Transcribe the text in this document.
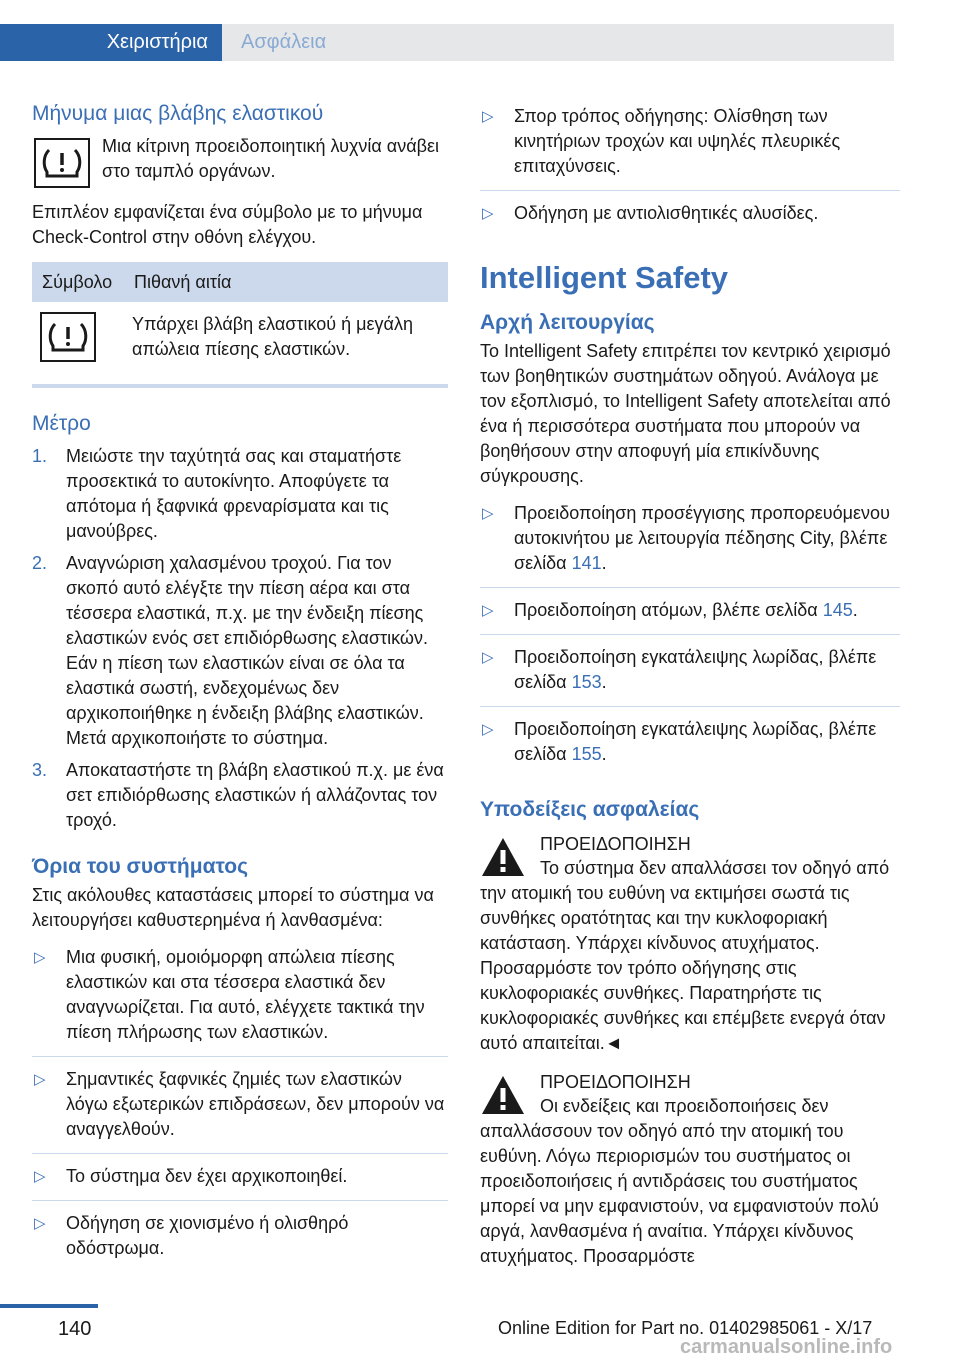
Χειριστήρια	Ασφάλεια
Μήνυμα μιας βλάβης ελαστικού

Μια κίτρινη προειδοποιητική λυχνία ανάβει στο ταμπλό οργάνων.

Επιπλέον εμφανίζεται ένα σύμβολο με το μήνυμα Check-Control στην οθόνη ελέγχου.

Σύμβολο	Πιθανή αιτία

	Υπάρχει βλάβη ελαστικού ή μεγάλη απώλεια πίεσης ελαστικών.
Μέτρο
1. Μειώστε την ταχύτητά σας και σταματήστε προσεκτικά το αυτοκίνητο. Αποφύγετε τα απότομα ή ξαφνικά φρεναρίσματα και τις μανούβρες.
2. Αναγνώριση χαλασμένου τροχού. Για τον σκοπό αυτό ελέγξτε την πίεση αέρα και στα τέσσερα ελαστικά, π.χ. με την ένδειξη πίεσης ελαστικών ενός σετ επιδιόρθωσης ελαστικών. Εάν η πίεση των ελαστικών είναι σε όλα τα ελαστικά σωστή, ενδεχομένως δεν αρχικοποιήθηκε η ένδειξη βλάβης ελαστικών. Μετά αρχικοποιήστε το σύστημα.
3. Αποκαταστήστε τη βλάβη ελαστικού π.χ. με ένα σετ επιδιόρθωσης ελαστικών ή αλλάζοντας τον τροχό.
Όρια του συστήματος

Στις ακόλουθες καταστάσεις μπορεί το σύστημα να λειτουργήσει καθυστερημένα ή λανθασμένα:

▷ Μια φυσική, ομοιόμορφη απώλεια πίεσης ελαστικών και στα τέσσερα ελαστικά δεν αναγνωρίζεται. Για αυτό, ελέγχετε τακτικά την πίεση πλήρωσης των ελαστικών.
▷ Σημαντικές ξαφνικές ζημιές των ελαστικών λόγω εξωτερικών επιδράσεων, δεν μπορούν να αναγγελθούν.
▷ Το σύστημα δεν έχει αρχικοποιηθεί.
▷ Οδήγηση σε χιονισμένο ή ολισθηρό οδόστρωμα.
▷ Σπορ τρόπος οδήγησης: Ολίσθηση των κινητήριων τροχών και υψηλές πλευρικές επιταχύνσεις.
▷ Οδήγηση με αντιολισθητικές αλυσίδες.
Intelligent Safety
Αρχή λειτουργίας

Το Intelligent Safety επιτρέπει τον κεντρικό χειρισμό των βοηθητικών συστημάτων οδηγού. Ανάλογα με τον εξοπλισμό, το Intelligent Safety αποτελείται από ένα ή περισσότερα συστήματα που μπορούν να βοηθήσουν στην αποφυγή μία επικίνδυνης σύγκρουσης.

▷ Προειδοποίηση προσέγγισης προπορευόμενου αυτοκινήτου με λειτουργία πέδησης City, βλέπε σελίδα 141.
▷ Προειδοποίηση ατόμων, βλέπε σελίδα 145.
▷ Προειδοποίηση εγκατάλειψης λωρίδας, βλέπε σελίδα 153.
▷ Προειδοποίηση εγκατάλειψης λωρίδας, βλέπε σελίδα 155.
Υποδείξεις ασφαλείας

ΠΡΟΕΙΔΟΠΟΙΗΣΗ

Το σύστημα δεν απαλλάσσει τον οδηγό από την ατομική του ευθύνη να εκτιμήσει σωστά τις συνθήκες ορατότητας και την κυκλοφοριακή κατάσταση. Υπάρχει κίνδυνος ατυχήματος. Προσαρμόστε τον τρόπο οδήγησης στις κυκλοφοριακές συνθήκες. Παρατηρήστε τις κυκλοφοριακές συνθήκες και επέμβετε ενεργά όταν αυτό απαιτείται.◄

ΠΡΟΕΙΔΟΠΟΙΗΣΗ

Οι ενδείξεις και προειδοποιήσεις δεν απαλλάσσουν τον οδηγό από την ατομική του ευθύνη. Λόγω περιορισμών του συστήματος οι προειδοποιήσεις ή αντιδράσεις του συστήματος μπορεί να μην εμφανιστούν, να εμφανιστούν πολύ αργά, λανθασμένα ή αναίτια. Υπάρχει κίνδυνος ατυχήματος. Προσαρμόστε

140	Online Edition for Part no. 01402985061 - X/17
carmanualsonline.info
